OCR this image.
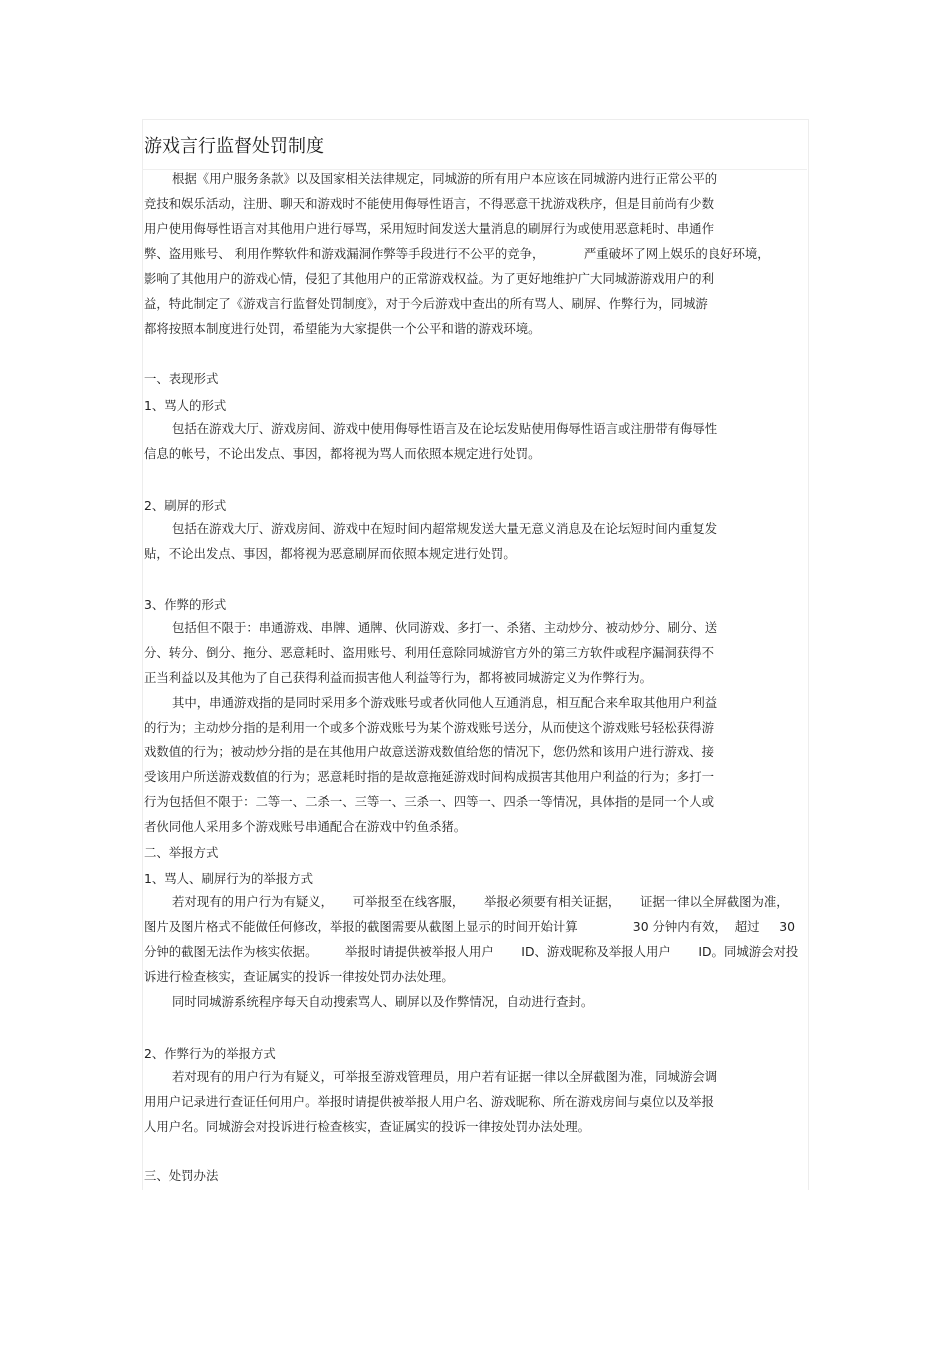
游戏言行监督处罚制度
根据《用户服务条款》以及国家相关法律规定，同城游的所有用户本应该在同城游内进行正常公平的
竞技和娱乐活动，注册、聊天和游戏时不能使用侮辱性语言，不得恶意干扰游戏秩序，但是目前尚有少数
用户使用侮辱性语言对其他用户进行辱骂，采用短时间发送大量消息的刷屏行为或使用恶意耗时、串通作
弊、盗用账号、 利用作弊软件和游戏漏洞作弊等手段进行不公平的竞争，          严重破坏了网上娱乐的良好环境，
影响了其他用户的游戏心情，侵犯了其他用户的正常游戏权益。为了更好地维护广大同城游游戏用户的利
益，特此制定了《游戏言行监督处罚制度》，对于今后游戏中查出的所有骂人、刷屏、作弊行为，同城游
都将按照本制度进行处罚，希望能为大家提供一个公平和谐的游戏环境。
一、表现形式
1、骂人的形式
包括在游戏大厅、游戏房间、游戏中使用侮辱性语言及在论坛发贴使用侮辱性语言或注册带有侮辱性
信息的帐号，不论出发点、事因，都将视为骂人而依照本规定进行处罚。
2、刷屏的形式
包括在游戏大厅、游戏房间、游戏中在短时间内超常规发送大量无意义消息及在论坛短时间内重复发
贴，不论出发点、事因，都将视为恶意刷屏而依照本规定进行处罚。
3、作弊的形式
包括但不限于：串通游戏、串牌、通牌、伙同游戏、多打一、杀猪、主动炒分、被动炒分、刷分、送
分、转分、倒分、拖分、恶意耗时、盗用账号、利用任意除同城游官方外的第三方软件或程序漏洞获得不
正当利益以及其他为了自己获得利益而损害他人利益等行为，都将被同城游定义为作弊行为。
其中，串通游戏指的是同时采用多个游戏账号或者伙同他人互通消息，相互配合来牟取其他用户利益
的行为；主动炒分指的是利用一个或多个游戏账号为某个游戏账号送分，从而使这个游戏账号轻松获得游
戏数值的行为；被动炒分指的是在其他用户故意送游戏数值给您的情况下，您仍然和该用户进行游戏、接
受该用户所送游戏数值的行为；恶意耗时指的是故意拖延游戏时间构成损害其他用户利益的行为；多打一
行为包括但不限于：二等一、二杀一、三等一、三杀一、四等一、四杀一等情况，具体指的是同一个人或
者伙同他人采用多个游戏账号串通配合在游戏中钓鱼杀猪。
二、举报方式
1、骂人、刷屏行为的举报方式
若对现有的用户行为有疑义，     可举报至在线客服，     举报必须要有相关证据，     证据一律以全屏截图为准，
图片及图片格式不能做任何修改，举报的截图需要从截图上显示的时间开始计算              30 分钟内有效，  超过     30
分钟的截图无法作为核实依据。       举报时请提供被举报人用户       ID、游戏昵称及举报人用户       ID。同城游会对投
诉进行检查核实，查证属实的投诉一律按处罚办法处理。
同时同城游系统程序每天自动搜索骂人、刷屏以及作弊情况，自动进行查封。
2、作弊行为的举报方式
若对现有的用户行为有疑义，可举报至游戏管理员，用户若有证据一律以全屏截图为准，同城游会调
用用户记录进行查证任何用户。举报时请提供被举报人用户名、游戏昵称、所在游戏房间与桌位以及举报
人用户名。同城游会对投诉进行检查核实，查证属实的投诉一律按处罚办法处理。
三、处罚办法
